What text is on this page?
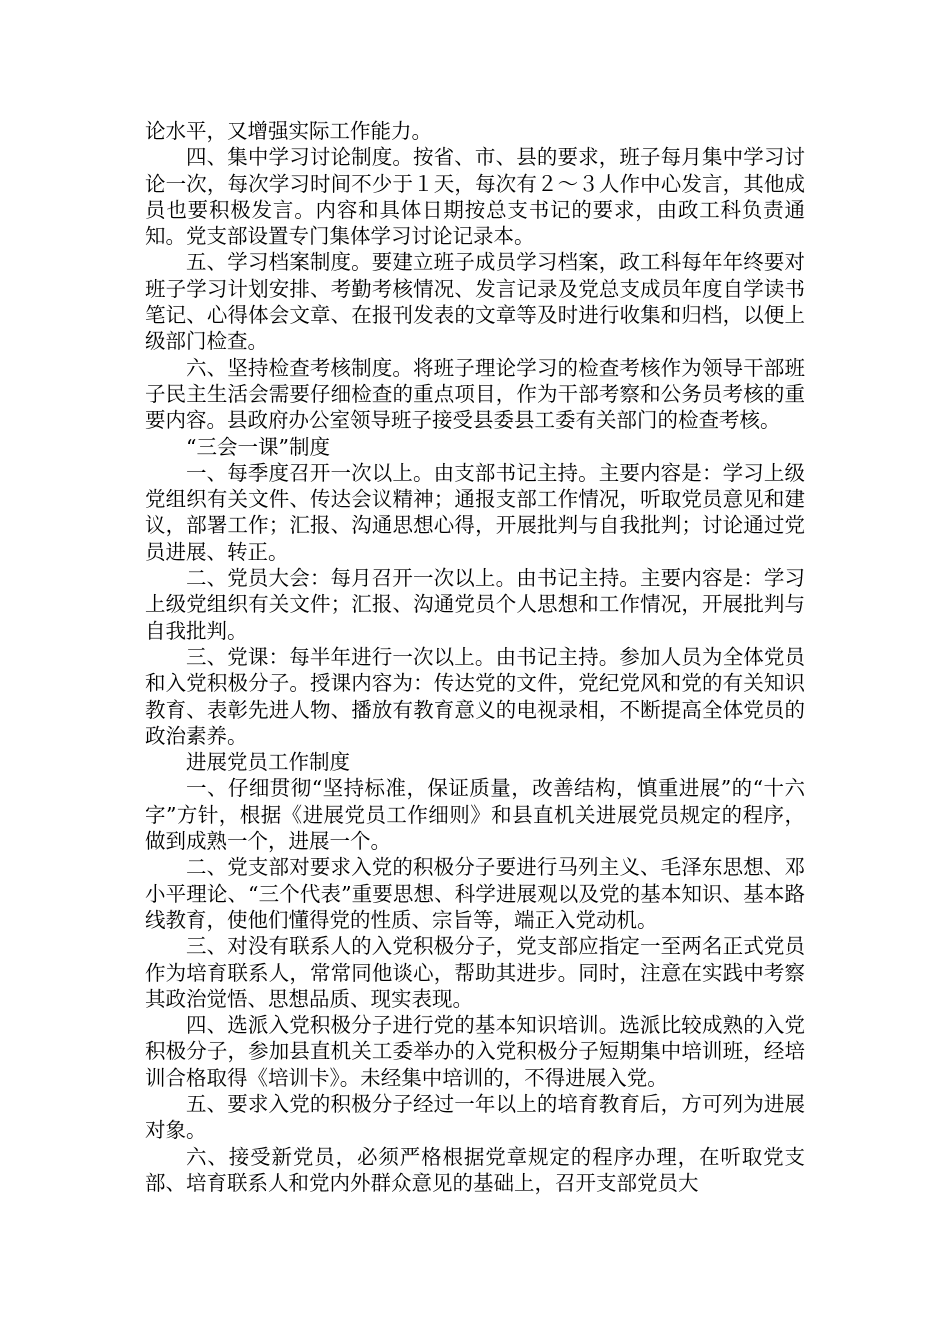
论水平，又增强实际工作能力。

四、集中学习讨论制度。按省、市、县的要求，班子每月集中学习讨论一次，每次学习时间不少于１天，每次有２～３人作中心发言，其他成员也要积极发言。内容和具体日期按总支书记的要求，由政工科负责通知。党支部设置专门集体学习讨论记录本。

五、学习档案制度。要建立班子成员学习档案，政工科每年年终要对班子学习计划安排、考勤考核情况、发言记录及党总支成员年度自学读书笔记、心得体会文章、在报刊发表的文章等及时进行收集和归档，以便上级部门检查。

六、坚持检查考核制度。将班子理论学习的检查考核作为领导干部班子民主生活会需要仔细检查的重点项目，作为干部考察和公务员考核的重要内容。县政府办公室领导班子接受县委县工委有关部门的检查考核。

“三会一课”制度

一、每季度召开一次以上。由支部书记主持。主要内容是：学习上级党组织有关文件、传达会议精神；通报支部工作情况，听取党员意见和建议，部署工作；汇报、沟通思想心得，开展批判与自我批判；讨论通过党员进展、转正。

二、党员大会：每月召开一次以上。由书记主持。主要内容是：学习上级党组织有关文件；汇报、沟通党员个人思想和工作情况，开展批判与自我批判。

三、党课：每半年进行一次以上。由书记主持。参加人员为全体党员和入党积极分子。授课内容为：传达党的文件，党纪党风和党的有关知识教育、表彰先进人物、播放有教育意义的电视录相，不断提高全体党员的政治素养。

进展党员工作制度

一、仔细贯彻“坚持标准，保证质量，改善结构，慎重进展”的“十六字”方针，根据《进展党员工作细则》和县直机关进展党员规定的程序，做到成熟一个，进展一个。

二、党支部对要求入党的积极分子要进行马列主义、毛泽东思想、邓小平理论、“三个代表”重要思想、科学进展观以及党的基本知识、基本路线教育，使他们懂得党的性质、宗旨等，端正入党动机。

三、对没有联系人的入党积极分子，党支部应指定一至两名正式党员作为培育联系人，常常同他谈心，帮助其进步。同时，注意在实践中考察其政治觉悟、思想品质、现实表现。

四、选派入党积极分子进行党的基本知识培训。选派比较成熟的入党积极分子，参加县直机关工委举办的入党积极分子短期集中培训班，经培训合格取得《培训卡》。未经集中培训的，不得进展入党。

五、要求入党的积极分子经过一年以上的培育教育后，方可列为进展对象。

六、接受新党员，必须严格根据党章规定的程序办理，在听取党支部、培育联系人和党内外群众意见的基础上，召开支部党员大
